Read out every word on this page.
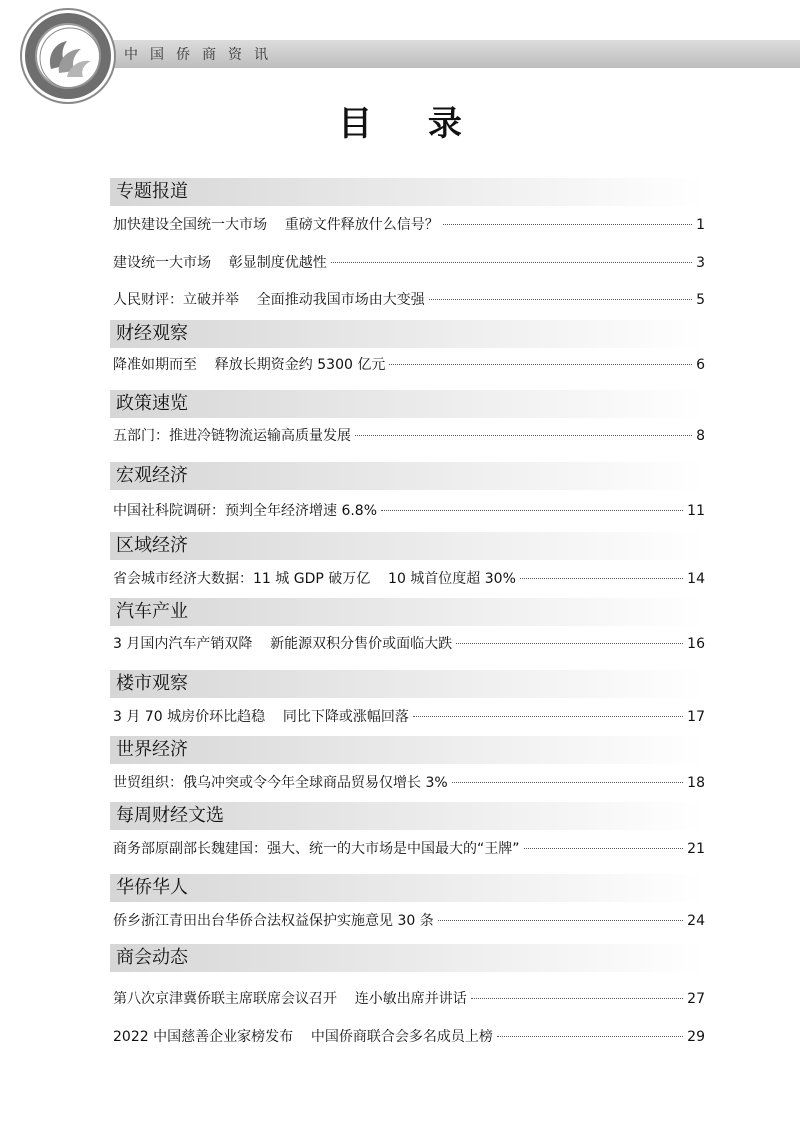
中国侨商资讯
目 录
专题报道
加快建设全国统一大市场    重磅文件释放什么信号？	1
建设统一大市场    彰显制度优越性	3
人民财评：立破并举    全面推动我国市场由大变强	5
财经观察
降准如期而至    释放长期资金约 5300 亿元	6
政策速览
五部门：推进冷链物流运输高质量发展	8
宏观经济
中国社科院调研：预判全年经济增速 6.8%	11
区域经济
省会城市经济大数据：11 城 GDP 破万亿    10 城首位度超 30%	14
汽车产业
3 月国内汽车产销双降    新能源双积分售价或面临大跌	16
楼市观察
3 月 70 城房价环比趋稳    同比下降或涨幅回落	17
世界经济
世贸组织：俄乌冲突或令今年全球商品贸易仅增长 3%	18
每周财经文选
商务部原副部长魏建国：强大、统一的大市场是中国最大的“王牌”	21
华侨华人
侨乡浙江青田出台华侨合法权益保护实施意见 30 条	24
商会动态
第八次京津冀侨联主席联席会议召开    连小敏出席并讲话	27
2022 中国慈善企业家榜发布    中国侨商联合会多名成员上榜	29
